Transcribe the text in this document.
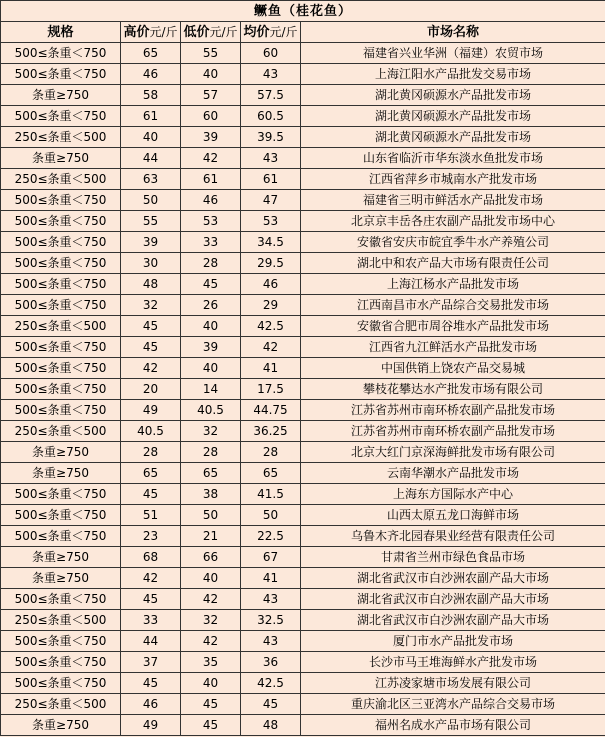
鳜鱼（桂花鱼）				
规格	高价元/斤	低价元/斤	均价元/斤	市场名称
500≤条重＜750	65	55	60	福建省兴业华洲（福建）农贸市场
500≤条重＜750	46	40	43	上海江阳水产品批发交易市场
条重≥750	58	57	57.5	湖北黄冈硕源水产品批发市场
500≤条重＜750	61	60	60.5	湖北黄冈硕源水产品批发市场
250≤条重＜500	40	39	39.5	湖北黄冈硕源水产品批发市场
条重≥750	44	42	43	山东省临沂市华东淡水鱼批发市场
250≤条重＜500	63	61	61	江西省萍乡市城南水产批发市场
500≤条重＜750	50	46	47	福建省三明市鲜活水产品批发市场
500≤条重＜750	55	53	53	北京京丰岳各庄农副产品批发市场中心
500≤条重＜750	39	33	34.5	安徽省安庆市皖宜季牛水产养殖公司
500≤条重＜750	30	28	29.5	湖北中和农产品大市场有限责任公司
500≤条重＜750	48	45	46	上海江杨水产品批发市场
500≤条重＜750	32	26	29	江西南昌市水产品综合交易批发市场
250≤条重＜500	45	40	42.5	安徽省合肥市周谷堆水产品批发市场
500≤条重＜750	45	39	42	江西省九江鲜活水产品批发市场
500≤条重＜750	42	40	41	中国供销上饶农产品交易城
500≤条重＜750	20	14	17.5	攀枝花攀达水产批发市场有限公司
500≤条重＜750	49	40.5	44.75	江苏省苏州市南环桥农副产品批发市场
250≤条重＜500	40.5	32	36.25	江苏省苏州市南环桥农副产品批发市场
条重≥750	28	28	28	北京大红门京深海鲜批发市场有限公司
条重≥750	65	65	65	云南华潮水产品批发市场
500≤条重＜750	45	38	41.5	上海东方国际水产中心
500≤条重＜750	51	50	50	山西太原五龙口海鲜市场
500≤条重＜750	23	21	22.5	乌鲁木齐北园春果业经营有限责任公司
条重≥750	68	66	67	甘肃省兰州市绿色食品市场
条重≥750	42	40	41	湖北省武汉市白沙洲农副产品大市场
500≤条重＜750	45	42	43	湖北省武汉市白沙洲农副产品大市场
250≤条重＜500	33	32	32.5	湖北省武汉市白沙洲农副产品大市场
500≤条重＜750	44	42	43	厦门市水产品批发市场
500≤条重＜750	37	35	36	长沙市马王堆海鲜水产批发市场
500≤条重＜750	45	40	42.5	江苏凌家塘市场发展有限公司
250≤条重＜500	46	45	45	重庆渝北区三亚湾水产品综合交易市场
条重≥750	49	45	48	福州名成水产品市场有限公司
